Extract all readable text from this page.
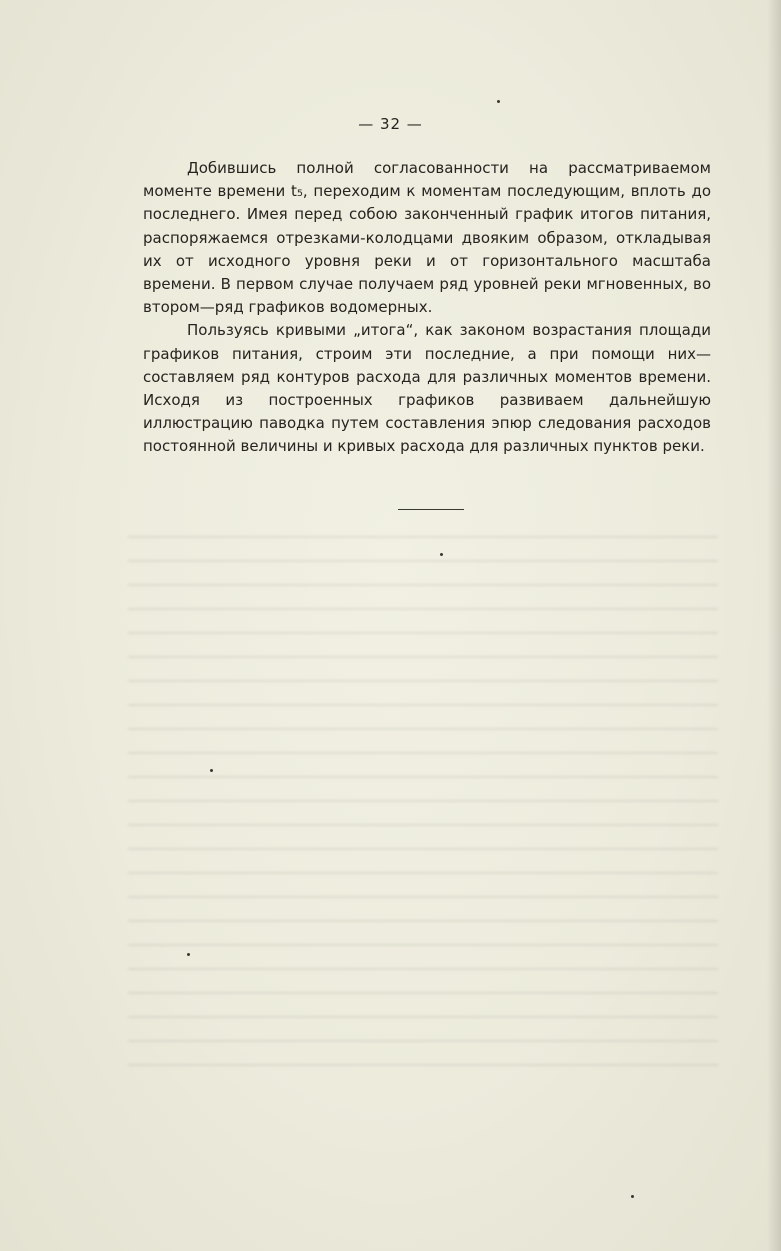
— 32 —

Добившись полной согласованности на рассматриваемом моменте времени t₅, переходим к моментам последующим, вплоть до последнего. Имея перед собою законченный график итогов питания, распоряжаемся отрезками-колодцами двояким образом, откладывая их от исходного уровня реки и от горизонтального масштаба времени. В первом случае получаем ряд уровней реки мгновенных, во втором—ряд графиков водомерных.

Пользуясь кривыми „итога“, как законом возрастания площади графиков питания, строим эти последние, а при помощи них—составляем ряд контуров расхода для различных моментов времени. Исходя из построенных графиков развиваем дальнейшую иллюстрацию паводка путем составления эпюр следования расходов постоянной величины и кривых расхода для различных пунктов реки.
